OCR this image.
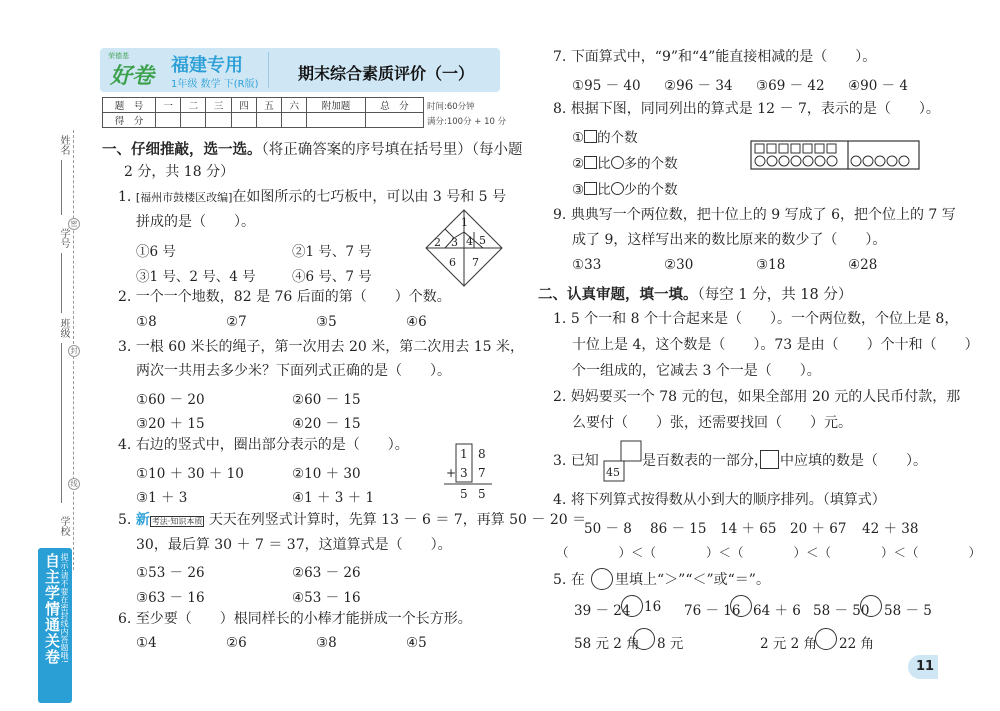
姓名
学号
班级
学校
密
封
线
自主学情通关卷 提示:请不要在密封线内答题哦!
荣德基
好卷 福建专用
1年级 数学 下(R版)
期末综合素质评价（一）
题　号	一	二	三	四	五	六	附加题	总　分
得　分								
时间:60分钟
满分:100分 + 10 分
一、仔细推敲，选一选。（将正确答案的序号填在括号里）（每小题
2 分，共 18 分）
1. [福州市鼓楼区改编]在如图所示的七巧板中，可以由 3 号和 5 号
拼成的是（　　）。
①6 号	②1 号、7 号
③1 号、2 号、4 号	④6 号、7 号
1
2 3 4 5
6 7
2. 一个一个地数，82 是 76 后面的第（　　）个数。
①8	②7	③5	④6
3. 一根 60 米长的绳子，第一次用去 20 米，第二次用去 15 米，
两次一共用去多少米？下面列式正确的是（　　）。
①60 － 20	②60 － 15
③20 ＋ 15	④20 － 15
4. 右边的竖式中，圈出部分表示的是（　　）。
①10 ＋ 30 ＋ 10	②10 ＋ 30
③1 ＋ 3	④1 ＋ 3 ＋ 1
1 8
+ 3 7
5 5
5. 新 考法·知识本质 天天在列竖式计算时，先算 13 － 6 ＝ 7，再算 50 － 20 ＝
30，最后算 30 ＋ 7 ＝ 37，这道算式是（　　）。
①53 － 26	②63 － 26
③63 － 16	④53 － 16
6. 至少要（　　）根同样长的小棒才能拼成一个长方形。
①4	②6	③8	④5
7. 下面算式中，“9”和“4”能直接相减的是（　　）。
①95 － 40 ②96 － 34 ③69 － 42 ④90 － 4
8. 根据下图，同同列出的算式是 12 － 7，表示的是（　　）。
① 的个数
② 比 多的个数
③ 比 少的个数
9. 典典写一个两位数，把十位上的 9 写成了 6，把个位上的 7 写
成了 9，这样写出来的数比原来的数少了（　　）。
①33	②30	③18	④28
二、认真审题，填一填。（每空 1 分，共 18 分）
1. 5 个一和 8 个十合起来是（　　）。一个两位数，个位上是 8，
十位上是 4，这个数是（　　）。73 是由（　　）个十和（　　）
个一组成的，它减去 3 个一是（　　）。
2. 妈妈要买一个 78 元的包，如果全部用 20 元的人民币付款，那
么要付（　　）张，还需要找回（　　）元。
3. 已知
45
是百数表的一部分， 中应填的数是（　　）。
4. 将下列算式按得数从小到大的顺序排列。（填算式）
50 － 8 86 － 15 14 ＋ 65 20 ＋ 67 42 ＋ 38
（　　　　）＜（　　　　）＜（　　　　）＜（　　　　）＜（　　　　）
5. 在 里填上“＞”“＜”或“＝”。
39 － 24 16 76 － 16 64 ＋ 6 58 － 50 58 － 5
58 元 2 角 8 元	2 元 2 角 22 角
11
